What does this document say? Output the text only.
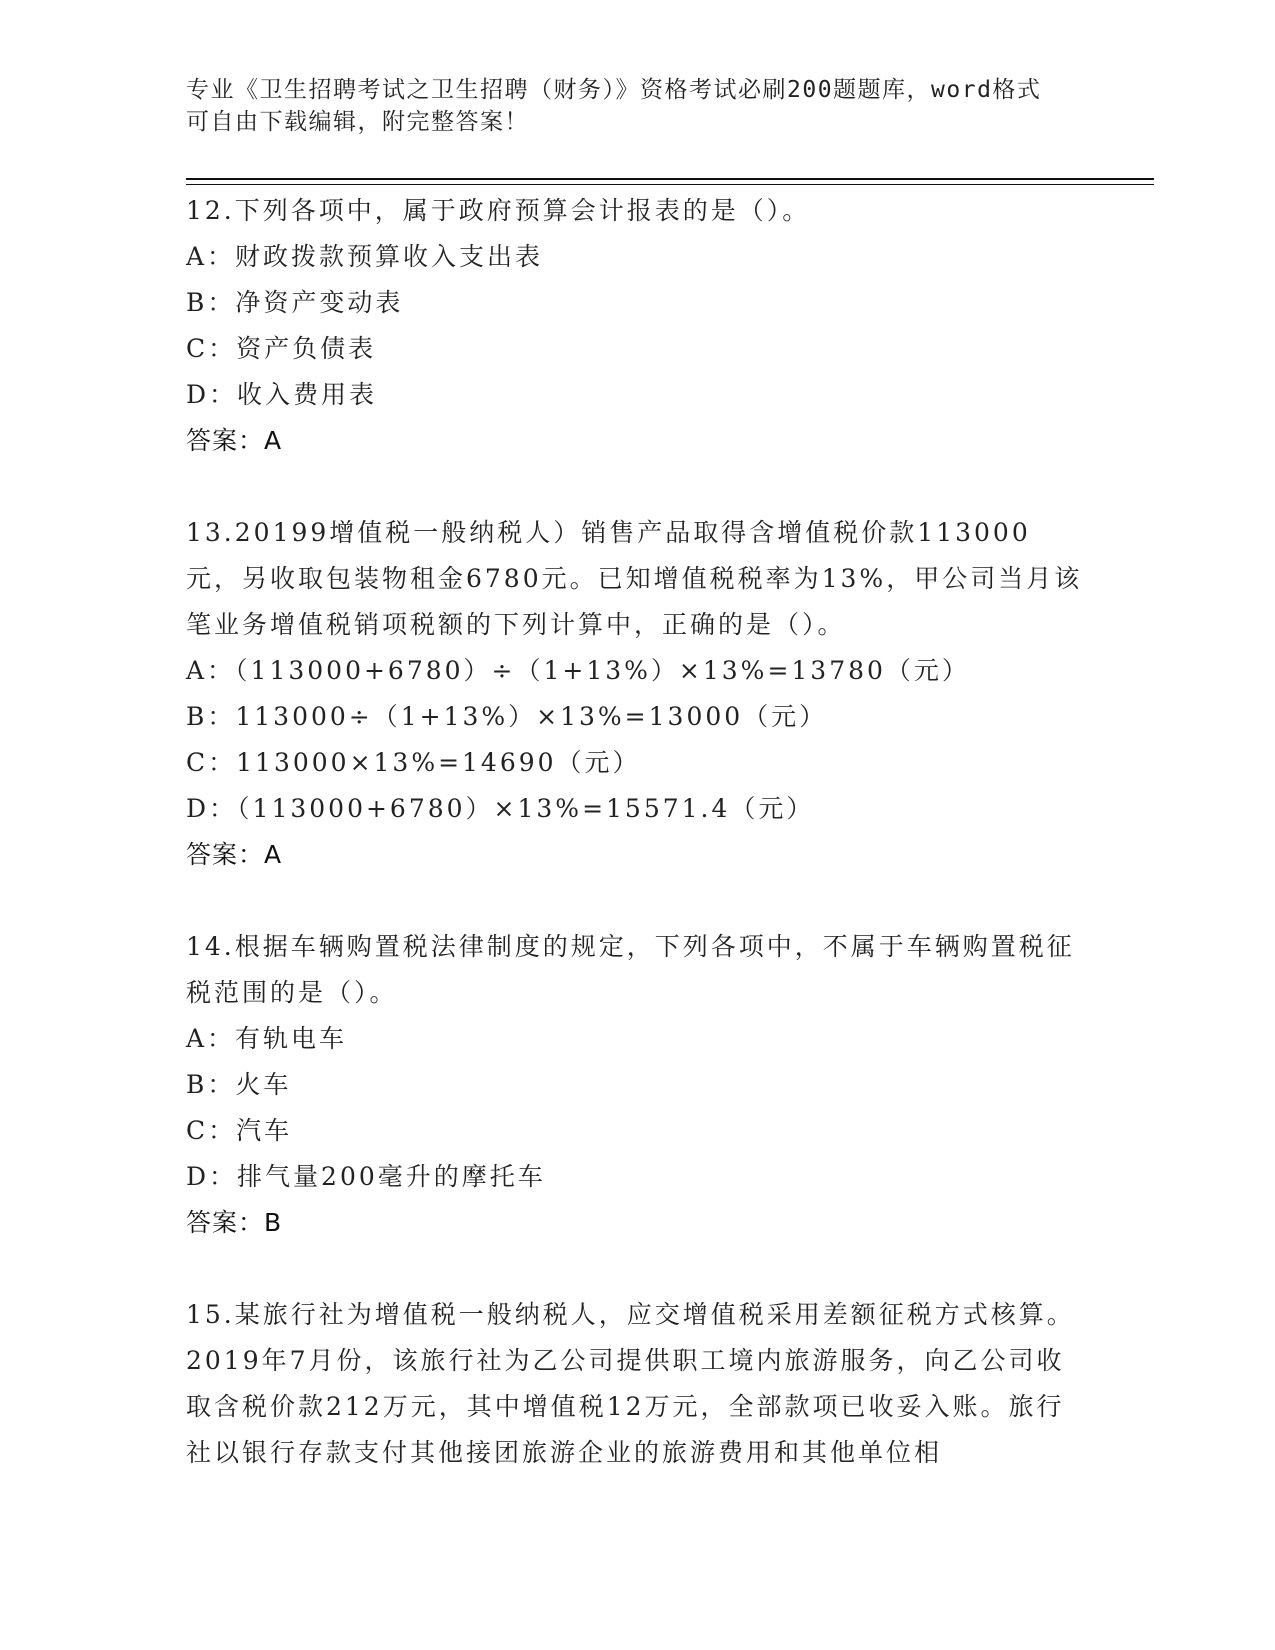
专业《卫生招聘考试之卫生招聘（财务）》资格考试必刷200题题库，word格式
可自由下载编辑，附完整答案！
12.下列各项中，属于政府预算会计报表的是（）。
A：财政拨款预算收入支出表
B：净资产变动表
C：资产负债表
D：收入费用表
答案：A
13.20199增值税一般纳税人）销售产品取得含增值税价款113000元，另收取包装物租金6780元。已知增值税税率为13%，甲公司当月该笔业务增值税销项税额的下列计算中，正确的是（）。
A：（113000+6780）÷（1+13%）×13%=13780（元）
B：113000÷（1+13%）×13%=13000（元）
C：113000×13%=14690（元）
D：（113000+6780）×13%=15571.4（元）
答案：A
14.根据车辆购置税法律制度的规定，下列各项中，不属于车辆购置税征税范围的是（）。
A：有轨电车
B：火车
C：汽车
D：排气量200毫升的摩托车
答案：B
15.某旅行社为增值税一般纳税人，应交增值税采用差额征税方式核算。2019年7月份，该旅行社为乙公司提供职工境内旅游服务，向乙公司收取含税价款212万元，其中增值税12万元，全部款项已收妥入账。旅行社以银行存款支付其他接团旅游企业的旅游费用和其他单位相
